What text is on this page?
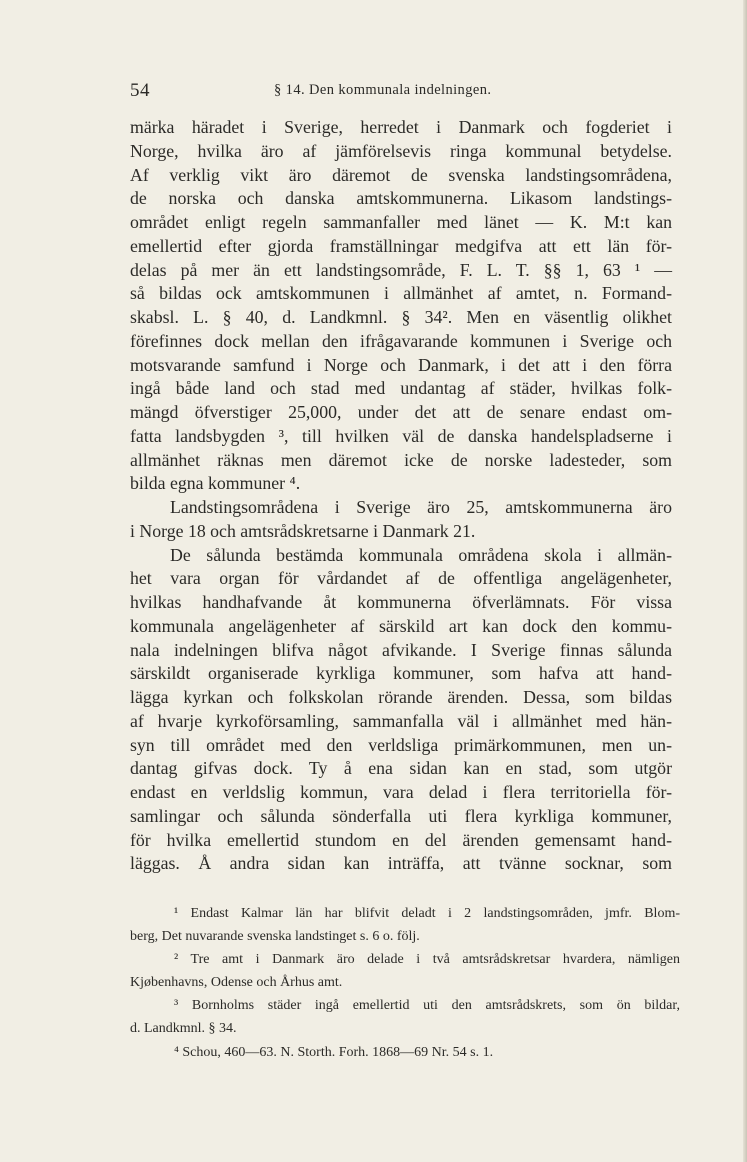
54	§ 14. Den kommunala indelningen.
märka häradet i Sverige, herredet i Danmark och fogderiet i
Norge, hvilka äro af jämförelsevis ringa kommunal betydelse.
Af verklig vikt äro däremot de svenska landstingsområdena,
de norska och danska amtskommunerna. Likasom landstings-
området enligt regeln sammanfaller med länet — K. M:t kan
emellertid efter gjorda framställningar medgifva att ett län för-
delas på mer än ett landstingsområde, F. L. T. §§ 1, 63 ¹ —
så bildas ock amtskommunen i allmänhet af amtet, n. Formand-
skabsl. L. § 40, d. Landkmnl. § 34². Men en väsentlig olikhet
förefinnes dock mellan den ifrågavarande kommunen i Sverige och
motsvarande samfund i Norge och Danmark, i det att i den förra
ingå både land och stad med undantag af städer, hvilkas folk-
mängd öfverstiger 25,000, under det att de senare endast om-
fatta landsbygden ³, till hvilken väl de danska handelspladserne i
allmänhet räknas men däremot icke de norske ladesteder, som
bilda egna kommuner ⁴.
Landstingsområdena i Sverige äro 25, amtskommunerna äro
i Norge 18 och amtsrådskretsarne i Danmark 21.
De sålunda bestämda kommunala områdena skola i allmän-
het vara organ för vårdandet af de offentliga angelägenheter,
hvilkas handhafvande åt kommunerna öfverlämnats. För vissa
kommunala angelägenheter af särskild art kan dock den kommu-
nala indelningen blifva något afvikande. I Sverige finnas sålunda
särskildt organiserade kyrkliga kommuner, som hafva att hand-
lägga kyrkan och folkskolan rörande ärenden. Dessa, som bildas
af hvarje kyrkoförsamling, sammanfalla väl i allmänhet med hän-
syn till området med den verldsliga primärkommunen, men un-
dantag gifvas dock. Ty å ena sidan kan en stad, som utgör
endast en verldslig kommun, vara delad i flera territoriella för-
samlingar och sålunda sönderfalla uti flera kyrkliga kommuner,
för hvilka emellertid stundom en del ärenden gemensamt hand-
läggas. Å andra sidan kan inträffa, att tvänne socknar, som
¹ Endast Kalmar län har blifvit deladt i 2 landstingsområden, jmfr. Blom-
berg, Det nuvarande svenska landstinget s. 6 o. följ.
² Tre amt i Danmark äro delade i två amtsrådskretsar hvardera, nämligen
Kjøbenhavns, Odense och Århus amt.
³ Bornholms städer ingå emellertid uti den amtsrådskrets, som ön bildar,
d. Landkmnl. § 34.
⁴ Schou, 460—63. N. Storth. Forh. 1868—69 Nr. 54 s. 1.
